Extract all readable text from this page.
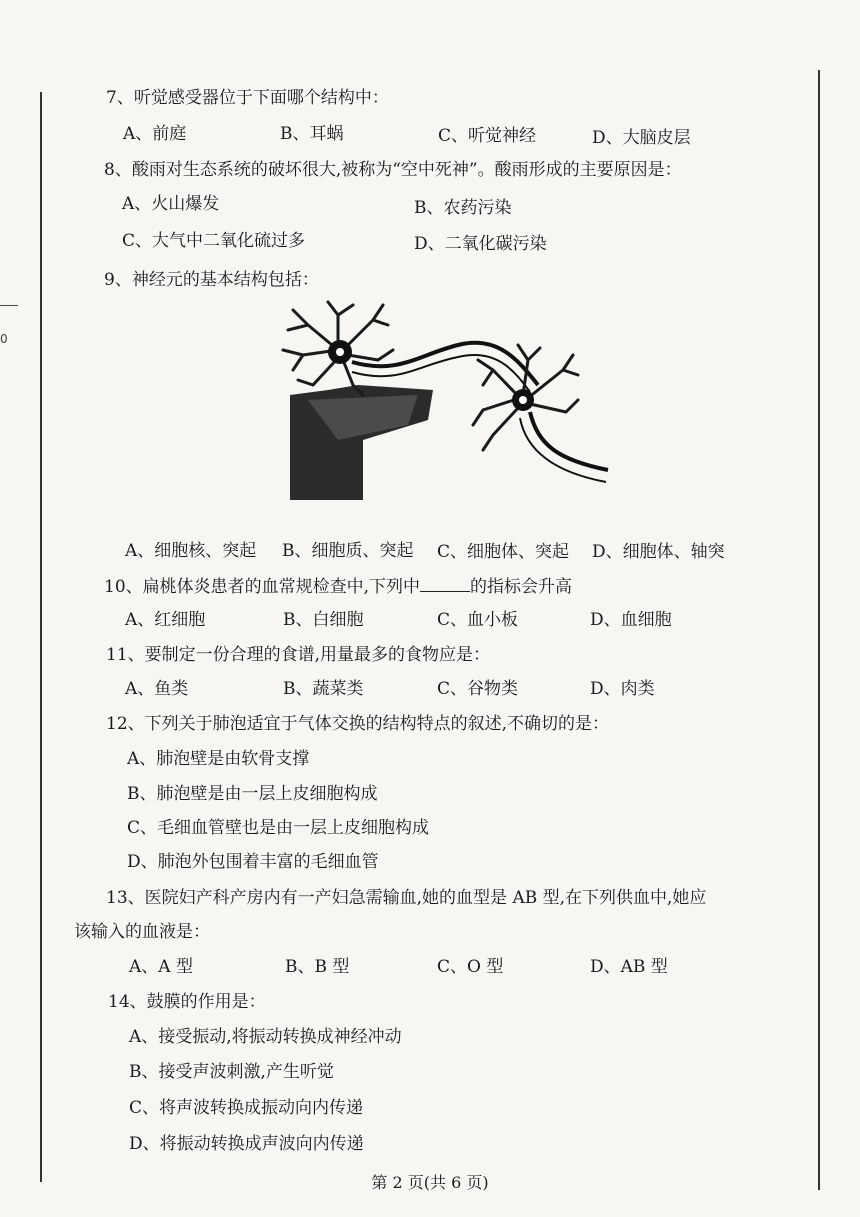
0
7、听觉感受器位于下面哪个结构中：
A、前庭	B、耳蜗	C、听觉神经	D、大脑皮层
8、酸雨对生态系统的破坏很大,被称为“空中死神”。酸雨形成的主要原因是：
A、火山爆发	B、农药污染
C、大气中二氧化硫过多	D、二氧化碳污染
9、神经元的基本结构包括：
A、细胞核、突起 B、细胞质、突起 C、细胞体、突起 D、细胞体、轴突
10、扁桃体炎患者的血常规检查中,下列中	的指标会升高
A、红细胞	B、白细胞	C、血小板	D、血细胞
11、要制定一份合理的食谱,用量最多的食物应是：
A、鱼类	B、蔬菜类	C、谷物类	D、肉类
12、下列关于肺泡适宜于气体交换的结构特点的叙述,不确切的是：
A、肺泡壁是由软骨支撑
B、肺泡壁是由一层上皮细胞构成
C、毛细血管壁也是由一层上皮细胞构成
D、肺泡外包围着丰富的毛细血管
13、医院妇产科产房内有一产妇急需输血,她的血型是 AB 型,在下列供血中,她应
该输入的血液是：
A、A 型	B、B 型	C、O 型	D、AB 型
14、鼓膜的作用是：
A、接受振动,将振动转换成神经冲动
B、接受声波刺激,产生听觉
C、将声波转换成振动向内传递
D、将振动转换成声波向内传递
第 2 页(共 6 页)
